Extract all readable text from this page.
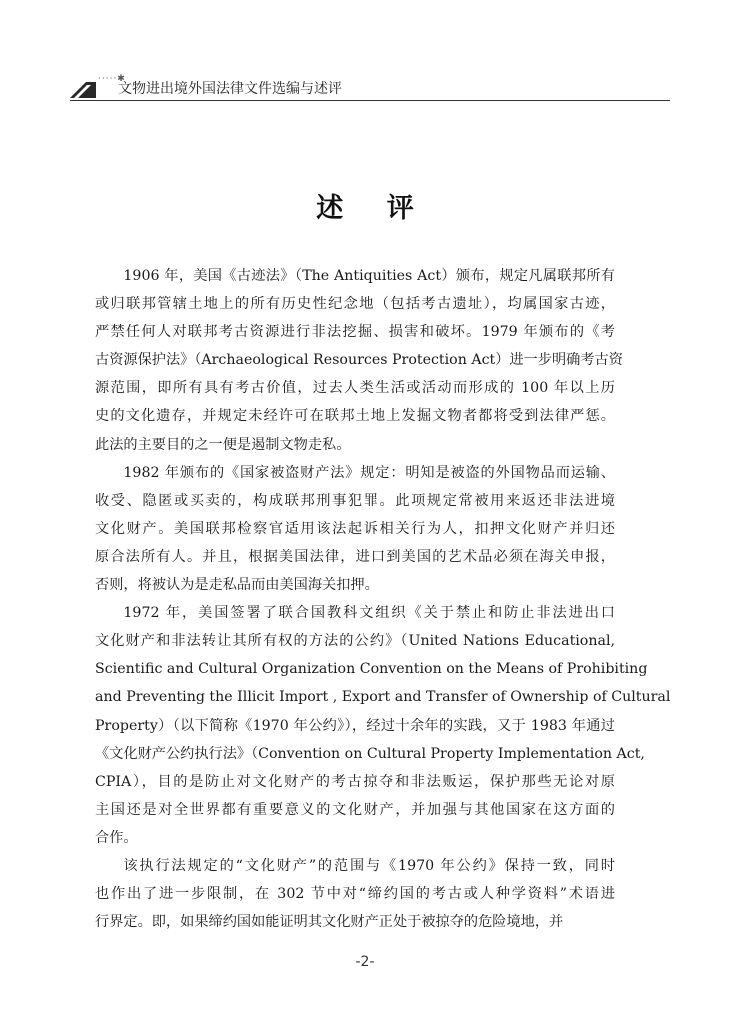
·····✱
文物进出境外国法律文件选编与述评
述 评

1906 年，美国《古迹法》（The Antiquities Act）颁布，规定凡属联邦所有
或归联邦管辖土地上的所有历史性纪念地（包括考古遗址），均属国家古迹，
严禁任何人对联邦考古资源进行非法挖掘、损害和破坏。1979 年颁布的《考
古资源保护法》（Archaeological Resources Protection Act）进一步明确考古资
源范围，即所有具有考古价值，过去人类生活或活动而形成的 100 年以上历
史的文化遗存，并规定未经许可在联邦土地上发掘文物者都将受到法律严惩。
此法的主要目的之一便是遏制文物走私。

1982 年颁布的《国家被盗财产法》规定：明知是被盗的外国物品而运输、
收受、隐匿或买卖的，构成联邦刑事犯罪。此项规定常被用来返还非法进境
文化财产。美国联邦检察官适用该法起诉相关行为人，扣押文化财产并归还
原合法所有人。并且，根据美国法律，进口到美国的艺术品必须在海关申报，
否则，将被认为是走私品而由美国海关扣押。

1972 年，美国签署了联合国教科文组织《关于禁止和防止非法进出口
文化财产和非法转让其所有权的方法的公约》（United Nations Educational,
Scientific and Cultural Organization Convention on the Means of Prohibiting
and Preventing the Illicit Import , Export and Transfer of Ownership of Cultural
Property）（以下简称《1970 年公约》），经过十余年的实践，又于 1983 年通过
《文化财产公约执行法》（Convention on Cultural Property Implementation Act,
CPIA），目的是防止对文化财产的考古掠夺和非法贩运，保护那些无论对原
主国还是对全世界都有重要意义的文化财产，并加强与其他国家在这方面的
合作。

该执行法规定的“文化财产”的范围与《1970 年公约》保持一致，同时
也作出了进一步限制，在 302 节中对“缔约国的考古或人种学资料”术语进
行界定。即，如果缔约国如能证明其文化财产正处于被掠夺的危险境地，并

-2-
